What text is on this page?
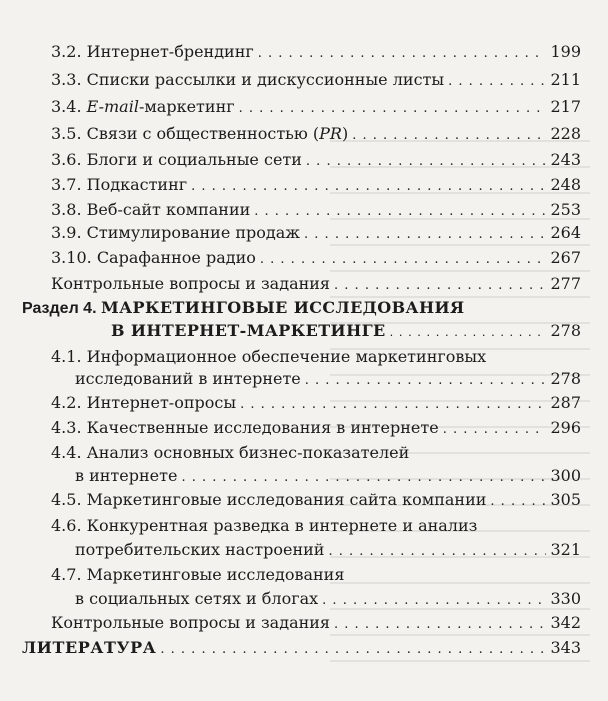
3.2. Интернет-брендинг . . .	199
3.3. Списки рассылки и дискуссионные листы . . .	211
3.4. E-mail-маркетинг . . .	217
3.5. Связи с общественностью (PR) . . .	228
3.6. Блоги и социальные сети . . .	243
3.7. Подкастинг . . .	248
3.8. Веб-сайт компании . . .	253
3.9. Стимулирование продаж . . .	264
3.10. Сарафанное радио . . .	267
Контрольные вопросы и задания . . .	277
Раздел 4. МАРКЕТИНГОВЫЕ ИССЛЕДОВАНИЯ
В ИНТЕРНЕТ-МАРКЕТИНГЕ . . .	278
4.1. Информационное обеспечение маркетинговых
исследований в интернете . . .	278
4.2. Интернет-опросы . . .	287
4.3. Качественные исследования в интернете . . .	296
4.4. Анализ основных бизнес-показателей
в интернете . . .	300
4.5. Маркетинговые исследования сайта компании . . .	305
4.6. Конкурентная разведка в интернете и анализ
потребительских настроений . . .	321
4.7. Маркетинговые исследования
в социальных сетях и блогах . . .	330
Контрольные вопросы и задания . . .	342
ЛИТЕРАТУРА . . .	343
